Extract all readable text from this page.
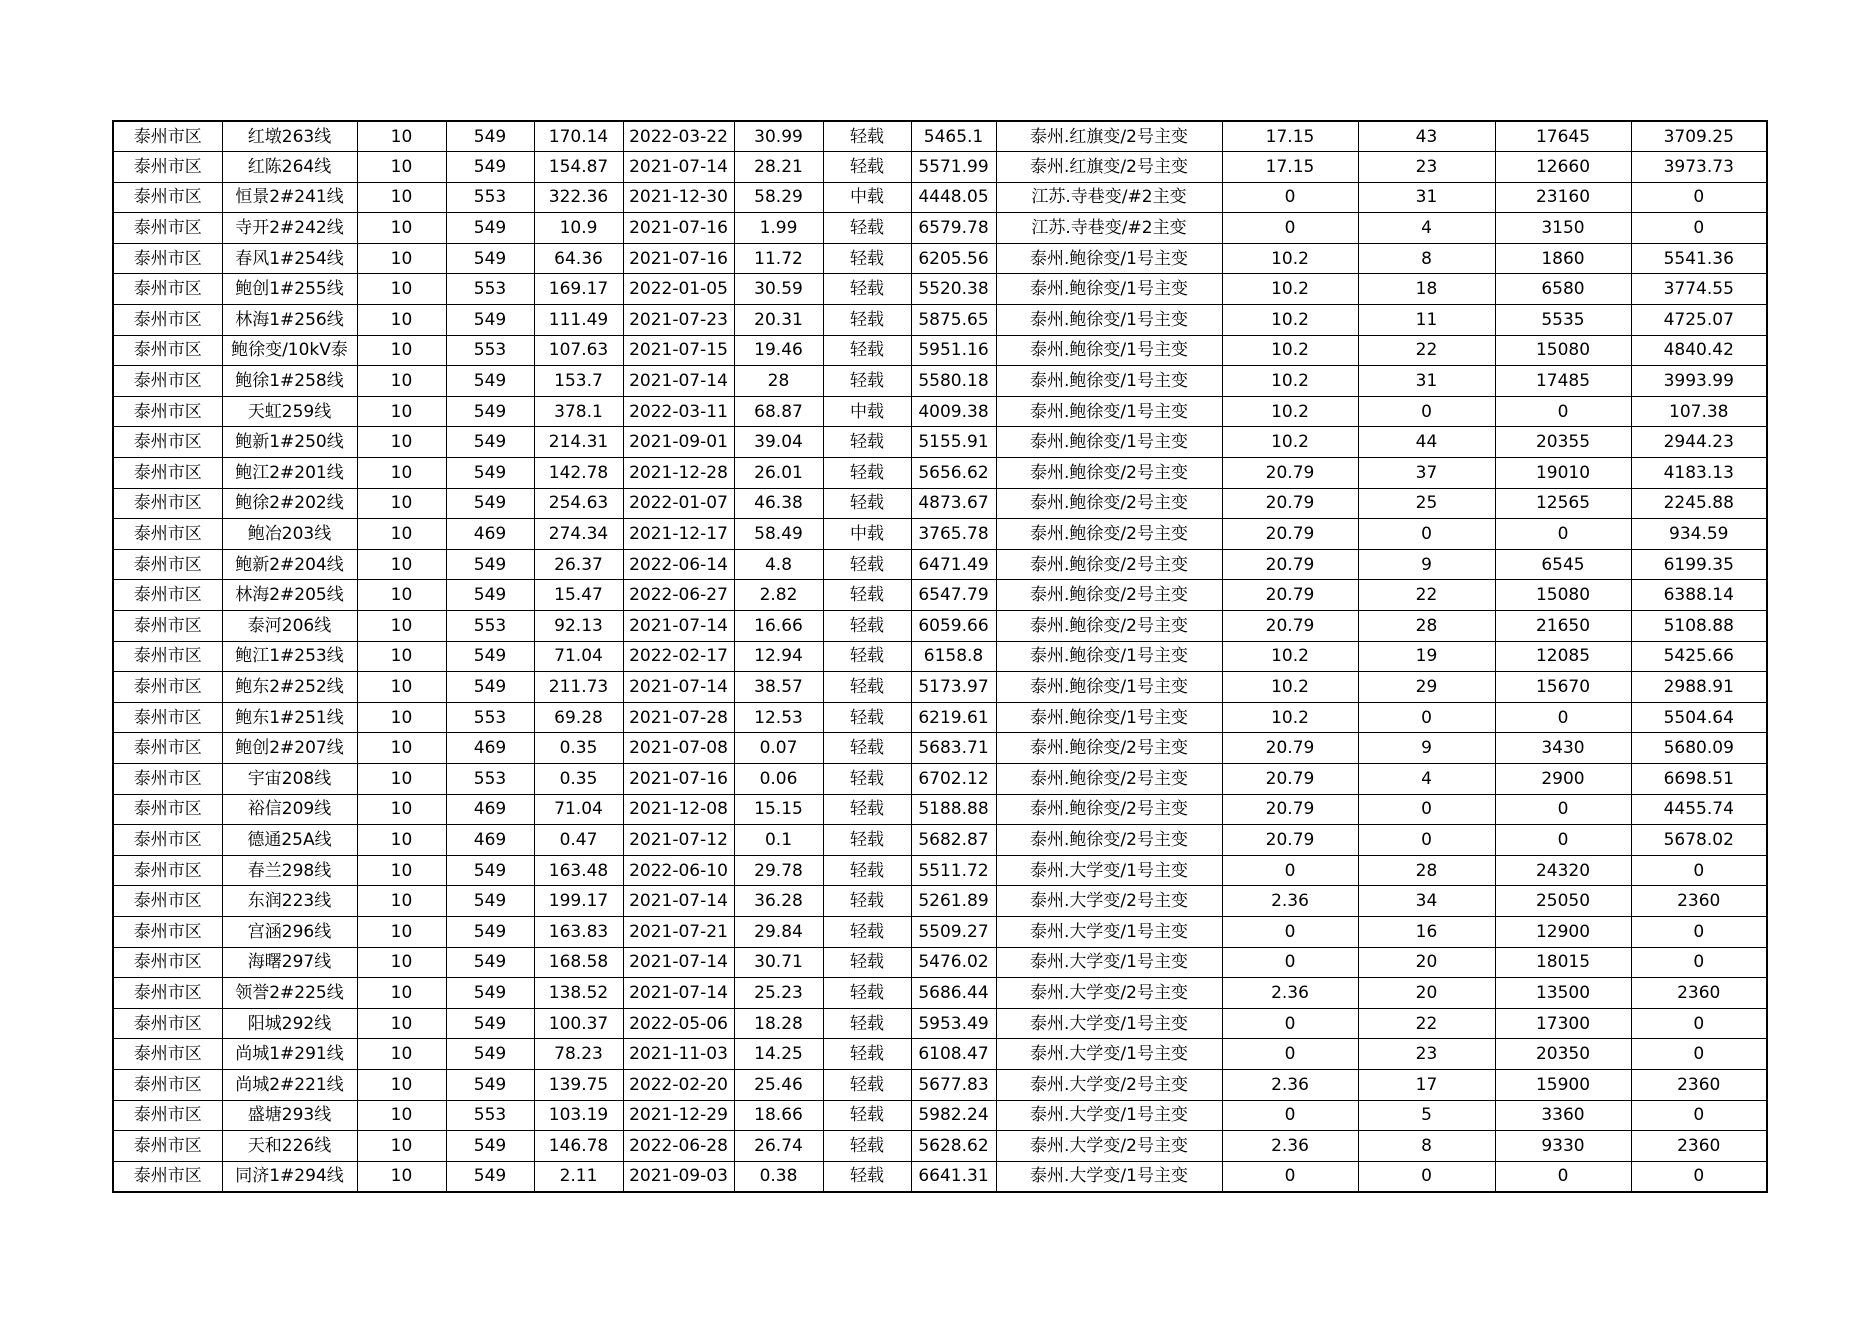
泰州市区	红墩263线	10	549	170.14	2022-03-22	30.99	轻载	5465.1	泰州.红旗变/2号主变	17.15	43	17645	3709.25
泰州市区	红陈264线	10	549	154.87	2021-07-14	28.21	轻载	5571.99	泰州.红旗变/2号主变	17.15	23	12660	3973.73
泰州市区	恒景2#241线	10	553	322.36	2021-12-30	58.29	中载	4448.05	江苏.寺巷变/#2主变	0	31	23160	0
泰州市区	寺开2#242线	10	549	10.9	2021-07-16	1.99	轻载	6579.78	江苏.寺巷变/#2主变	0	4	3150	0
泰州市区	春风1#254线	10	549	64.36	2021-07-16	11.72	轻载	6205.56	泰州.鲍徐变/1号主变	10.2	8	1860	5541.36
泰州市区	鲍创1#255线	10	553	169.17	2022-01-05	30.59	轻载	5520.38	泰州.鲍徐变/1号主变	10.2	18	6580	3774.55
泰州市区	林海1#256线	10	549	111.49	2021-07-23	20.31	轻载	5875.65	泰州.鲍徐变/1号主变	10.2	11	5535	4725.07
泰州市区	鲍徐变/10kV泰	10	553	107.63	2021-07-15	19.46	轻载	5951.16	泰州.鲍徐变/1号主变	10.2	22	15080	4840.42
泰州市区	鲍徐1#258线	10	549	153.7	2021-07-14	28	轻载	5580.18	泰州.鲍徐变/1号主变	10.2	31	17485	3993.99
泰州市区	天虹259线	10	549	378.1	2022-03-11	68.87	中载	4009.38	泰州.鲍徐变/1号主变	10.2	0	0	107.38
泰州市区	鲍新1#250线	10	549	214.31	2021-09-01	39.04	轻载	5155.91	泰州.鲍徐变/1号主变	10.2	44	20355	2944.23
泰州市区	鲍江2#201线	10	549	142.78	2021-12-28	26.01	轻载	5656.62	泰州.鲍徐变/2号主变	20.79	37	19010	4183.13
泰州市区	鲍徐2#202线	10	549	254.63	2022-01-07	46.38	轻载	4873.67	泰州.鲍徐变/2号主变	20.79	25	12565	2245.88
泰州市区	鲍冶203线	10	469	274.34	2021-12-17	58.49	中载	3765.78	泰州.鲍徐变/2号主变	20.79	0	0	934.59
泰州市区	鲍新2#204线	10	549	26.37	2022-06-14	4.8	轻载	6471.49	泰州.鲍徐变/2号主变	20.79	9	6545	6199.35
泰州市区	林海2#205线	10	549	15.47	2022-06-27	2.82	轻载	6547.79	泰州.鲍徐变/2号主变	20.79	22	15080	6388.14
泰州市区	泰河206线	10	553	92.13	2021-07-14	16.66	轻载	6059.66	泰州.鲍徐变/2号主变	20.79	28	21650	5108.88
泰州市区	鲍江1#253线	10	549	71.04	2022-02-17	12.94	轻载	6158.8	泰州.鲍徐变/1号主变	10.2	19	12085	5425.66
泰州市区	鲍东2#252线	10	549	211.73	2021-07-14	38.57	轻载	5173.97	泰州.鲍徐变/1号主变	10.2	29	15670	2988.91
泰州市区	鲍东1#251线	10	553	69.28	2021-07-28	12.53	轻载	6219.61	泰州.鲍徐变/1号主变	10.2	0	0	5504.64
泰州市区	鲍创2#207线	10	469	0.35	2021-07-08	0.07	轻载	5683.71	泰州.鲍徐变/2号主变	20.79	9	3430	5680.09
泰州市区	宇宙208线	10	553	0.35	2021-07-16	0.06	轻载	6702.12	泰州.鲍徐变/2号主变	20.79	4	2900	6698.51
泰州市区	裕信209线	10	469	71.04	2021-12-08	15.15	轻载	5188.88	泰州.鲍徐变/2号主变	20.79	0	0	4455.74
泰州市区	德通25A线	10	469	0.47	2021-07-12	0.1	轻载	5682.87	泰州.鲍徐变/2号主变	20.79	0	0	5678.02
泰州市区	春兰298线	10	549	163.48	2022-06-10	29.78	轻载	5511.72	泰州.大学变/1号主变	0	28	24320	0
泰州市区	东润223线	10	549	199.17	2021-07-14	36.28	轻载	5261.89	泰州.大学变/2号主变	2.36	34	25050	2360
泰州市区	宫涵296线	10	549	163.83	2021-07-21	29.84	轻载	5509.27	泰州.大学变/1号主变	0	16	12900	0
泰州市区	海曙297线	10	549	168.58	2021-07-14	30.71	轻载	5476.02	泰州.大学变/1号主变	0	20	18015	0
泰州市区	领誉2#225线	10	549	138.52	2021-07-14	25.23	轻载	5686.44	泰州.大学变/2号主变	2.36	20	13500	2360
泰州市区	阳城292线	10	549	100.37	2022-05-06	18.28	轻载	5953.49	泰州.大学变/1号主变	0	22	17300	0
泰州市区	尚城1#291线	10	549	78.23	2021-11-03	14.25	轻载	6108.47	泰州.大学变/1号主变	0	23	20350	0
泰州市区	尚城2#221线	10	549	139.75	2022-02-20	25.46	轻载	5677.83	泰州.大学变/2号主变	2.36	17	15900	2360
泰州市区	盛塘293线	10	553	103.19	2021-12-29	18.66	轻载	5982.24	泰州.大学变/1号主变	0	5	3360	0
泰州市区	天和226线	10	549	146.78	2022-06-28	26.74	轻载	5628.62	泰州.大学变/2号主变	2.36	8	9330	2360
泰州市区	同济1#294线	10	549	2.11	2021-09-03	0.38	轻载	6641.31	泰州.大学变/1号主变	0	0	0	0
